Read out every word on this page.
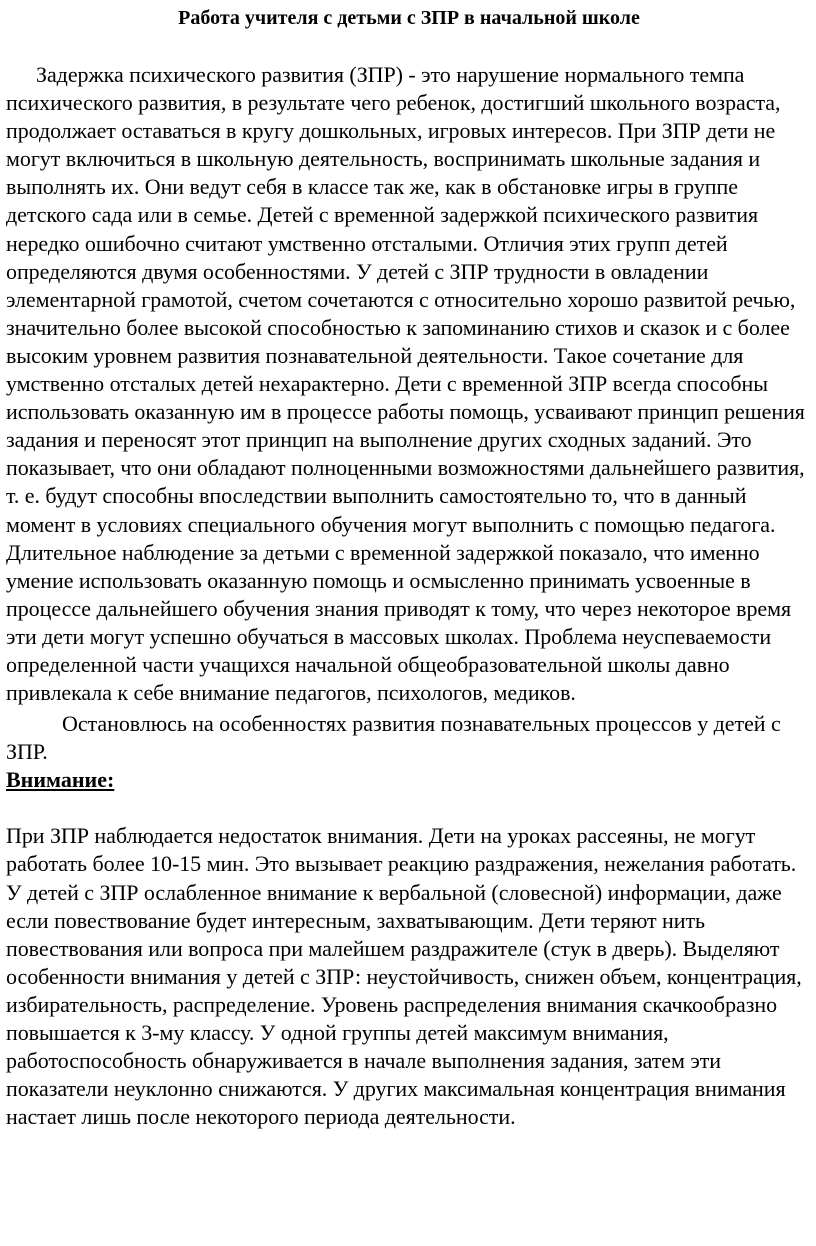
Работа учителя с детьми с ЗПР в начальной школе

Задержка психического развития (ЗПР) - это нарушение нормального темпа психического развития, в результате чего ребенок, достигший школьного возраста, продолжает оставаться в кругу дошкольных, игровых интересов. При ЗПР дети не могут включиться в школьную деятельность, воспринимать школьные задания и выполнять их. Они ведут себя в классе так же, как в обстановке игры в группе детского сада или в семье. Детей с временной задержкой психического развития нередко ошибочно считают умственно отсталыми. Отличия этих групп детей определяются двумя особенностями. У детей с ЗПР трудности в овладении элементарной грамотой, счетом сочетаются с относительно хорошо развитой речью, значительно более высокой способностью к запоминанию стихов и сказок и с более высоким уровнем развития познавательной деятельности. Такое сочетание для умственно отсталых детей нехарактерно. Дети с временной ЗПР всегда способны использовать оказанную им в процессе работы помощь, усваивают принцип решения задания и переносят этот принцип на выполнение других сходных заданий. Это показывает, что они обладают полноценными возможностями дальнейшего развития, т. е. будут способны впоследствии выполнить самостоятельно то, что в данный момент в условиях специального обучения могут выполнить с помощью педагога. Длительное наблюдение за детьми с временной задержкой показало, что именно умение использовать оказанную помощь и осмысленно принимать усвоенные в процессе дальнейшего обучения знания приводят к тому, что через некоторое время эти дети могут успешно обучаться в массовых школах. Проблема неуспеваемости определенной части учащихся начальной общеобразовательной школы давно привлекала к себе внимание педагогов, психологов, медиков.

Остановлюсь на особенностях развития познавательных процессов у детей с ЗПР.

Внимание:

При ЗПР наблюдается недостаток внимания. Дети на уроках рассеяны, не могут работать более 10-15 мин. Это вызывает реакцию раздражения, нежелания работать. У детей с ЗПР ослабленное внимание к вербальной (словесной) информации, даже если повествование будет интересным, захватывающим. Дети теряют нить повествования или вопроса при малейшем раздражителе (стук в дверь). Выделяют особенности внимания у детей с ЗПР: неустойчивость, снижен объем, концентрация, избирательность, распределение. Уровень распределения внимания скачкообразно повышается к 3-му классу. У одной группы детей максимум внимания, работоспособность обнаруживается в начале выполнения задания, затем эти показатели неуклонно снижаются. У других максимальная концентрация внимания настает лишь после некоторого периода деятельности.
